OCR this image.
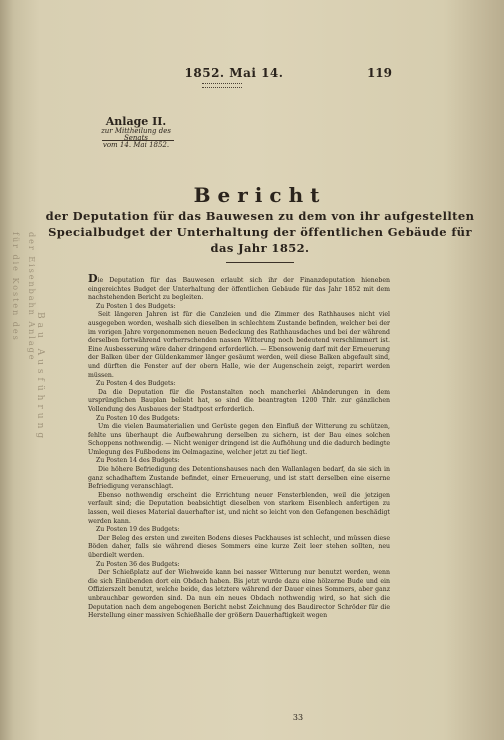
für die Kosten des der Eisenbahn Anlage
Bau Ausführung
1852. Mai 14.	119
Anlage II.
zur Mittheilung des Senats
vom 14. Mai 1852.
Bericht
der Deputation für das Bauwesen zu dem von ihr aufgestellten
Specialbudget der Unterhaltung der öffentlichen Gebäude für
das Jahr 1852.

Die Deputation für das Bauwesen erlaubt sich ihr der Finanzdeputation hieneben eingereichtes Budget der Unterhaltung der öffentlichen Gebäude für das Jahr 1852 mit dem nachstehenden Bericht zu begleiten.

Zu Posten 1 des Budgets:

Seit längeren Jahren ist für die Canzleien und die Zimmer des Rathhauses nicht viel ausgegeben worden, weshalb sich dieselben in schlechtem Zustande befinden, welcher bei der im vorigen Jahre vorgenommenen neuen Bedeckung des Rathhausdaches und bei der während derselben fortwährend vorherrschenden nassen Witterung noch bedeutend verschlimmert ist. Eine Ausbesserung wäre daher dringend erforderlich. — Ebensowenig darf mit der Erneuerung der Balken über der Güldenkammer länger gesäumt werden, weil diese Balken abgefault sind, und dürften die Fenster auf der obern Halle, wie der Augenschein zeigt, reparirt werden müssen.

Zu Posten 4 des Budgets:

Da die Deputation für die Postanstalten noch mancherlei Abänderungen in dem ursprünglichen Bauplan beliebt hat, so sind die beantragten 1200 Thlr. zur gänzlichen Vollendung des Ausbaues der Stadtpost erforderlich.

Zu Posten 10 des Budgets:

Um die vielen Baumaterialien und Gerüste gegen den Einfluß der Witterung zu schützen, fehlte uns überhaupt die Aufbewahrung derselben zu sichern, ist der Bau eines solchen Schoppens nothwendig. — Nicht weniger dringend ist die Aufhöhung und die dadurch bedingte Umlegung des Fußbodens im Oelmagazine, welcher jetzt zu tief liegt.

Zu Posten 14 des Budgets:

Die höhere Befriedigung des Detentionshauses nach den Wallanlagen bedarf, da sie sich in ganz schadhaftem Zustande befindet, einer Erneuerung, und ist statt derselben eine eiserne Befriedigung veranschlagt.

Ebenso nothwendig erscheint die Errichtung neuer Fensterblenden, weil die jetzigen verfault sind; die Deputation beabsichtigt dieselben von starkem Eisenblech anfertigen zu lassen, weil dieses Material dauerhafter ist, und nicht so leicht von den Gefangenen beschädigt werden kann.

Zu Posten 19 des Budgets:

Der Beleg des ersten und zweiten Bodens dieses Packhauses ist schlecht, und müssen diese Böden daher, falls sie während dieses Sommers eine kurze Zeit leer stehen sollten, neu überdielt werden.

Zu Posten 36 des Budgets:

Der Schießplatz auf der Wiehweide kann bei nasser Witterung nur benutzt werden, wenn die sich Einübenden dort ein Obdach haben. Bis jetzt wurde dazu eine hölzerne Bude und ein Offizierszelt benutzt, welche beide, das letztere während der Dauer eines Sommers, aber ganz unbrauchbar geworden sind. Da nun ein neues Obdach nothwendig wird, so hat sich die Deputation nach dem angebogenen Bericht nebst Zeichnung des Baudirector Schröder für die Herstellung einer massiven Schießhalle der größern Dauerhaftigkeit wegen

33
